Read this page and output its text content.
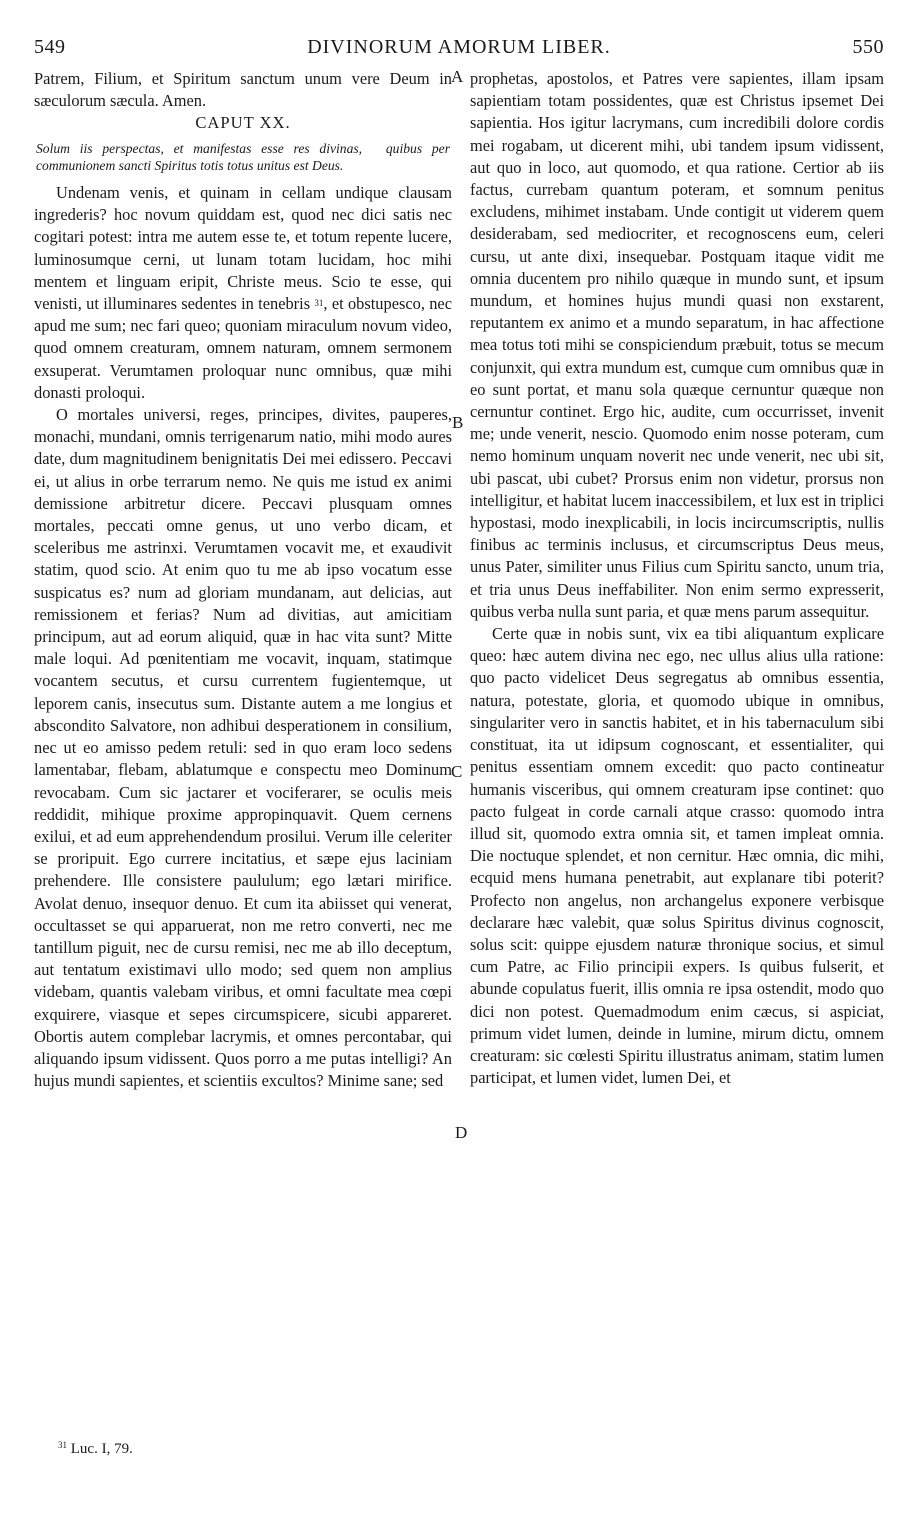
549	DIVINORUM AMORUM LIBER.	550

Patrem, Filium, et Spiritum sanctum unum vere Deum in sæculorum sæcula. Amen.

CAPUT XX.

Solum iis perspectas, et manifestas esse res divinas, quibus per communionem sancti Spiritus totis totus unitus est Deus.

Undenam venis, et quinam in cellam undique clausam ingrederis? hoc novum quiddam est, quod nec dici satis nec cogitari potest: intra me autem esse te, et totum repente lucere, luminosumque cerni, ut lunam totam lucidam, hoc mihi mentem et linguam eripit, Christe meus. Scio te esse, qui venisti, ut illuminares sedentes in tenebris $^{31}$, et obstupesco, nec apud me sum; nec fari queo; quoniam miraculum novum video, quod omnem creaturam, omnem naturam, omnem sermonem exsuperat. Verumtamen proloquar nunc omnibus, quæ mihi donasti proloqui.

O mortales universi, reges, principes, divites, pauperes, monachi, mundani, omnis terrigenarum natio, mihi modo aures date, dum magnitudinem benignitatis Dei mei edissero. Peccavi ei, ut alius in orbe terrarum nemo. Ne quis me istud ex animi demissione arbitretur dicere. Peccavi plusquam omnes mortales, peccati omne genus, ut uno verbo dicam, et sceleribus me astrinxi. Verumtamen vocavit me, et exaudivit statim, quod scio. At enim quo tu me ab ipso vocatum esse suspicatus es? num ad gloriam mundanam, aut delicias, aut remissionem et ferias? Num ad divitias, aut amicitiam principum, aut ad eorum aliquid, quæ in hac vita sunt? Mitte male loqui. Ad pœnitentiam me vocavit, inquam, statimque vocantem secutus, et cursu currentem fugientemque, ut leporem canis, insecutus sum. Distante autem a me longius et abscondito Salvatore, non adhibui desperationem in consilium, nec ut eo amisso pedem retuli: sed in quo eram loco sedens lamentabar, flebam, ablatumque e conspectu meo Dominum revocabam. Cum sic jactarer et vociferarer, se oculis meis reddidit, mihique proxime appropinquavit. Quem cernens exilui, et ad eum apprehendendum prosilui. Verum ille celeriter se proripuit. Ego currere incitatius, et sæpe ejus laciniam prehendere. Ille consistere paululum; ego lætari mirifice. Avolat denuo, insequor denuo. Et cum ita abiisset qui venerat, occultasset se qui apparuerat, non me retro converti, nec me tantillum piguit, nec de cursu remisi, nec me ab illo deceptum, aut tentatum existimavi ullo modo; sed quem non amplius videbam, quantis valebam viribus, et omni facultate mea cœpi exquirere, viasque et sepes circumspicere, sicubi appareret. Obortis autem complebar lacrymis, et omnes percontabar, qui aliquando ipsum vidissent. Quos porro a me putas intelligi? An hujus mundi sapientes, et scientiis excultos? Minime sane; sed

prophetas, apostolos, et Patres vere sapientes, illam ipsam sapientiam totam possidentes, quæ est Christus ipsemet Dei sapientia. Hos igitur lacrymans, cum incredibili dolore cordis mei rogabam, ut dicerent mihi, ubi tandem ipsum vidissent, aut quo in loco, aut quomodo, et qua ratione. Certior ab iis factus, currebam quantum poteram, et somnum penitus excludens, mihimet instabam. Unde contigit ut viderem quem desiderabam, sed mediocriter, et recognoscens eum, celeri cursu, ut ante dixi, insequebar. Postquam itaque vidit me omnia ducentem pro nihilo quæque in mundo sunt, et ipsum mundum, et homines hujus mundi quasi non exstarent, reputantem ex animo et a mundo separatum, in hac affectione mea totus toti mihi se conspiciendum præbuit, totus se mecum conjunxit, qui extra mundum est, cumque cum omnibus quæ in eo sunt portat, et manu sola quæque cernuntur quæque non cernuntur continet. Ergo hic, audite, cum occurrisset, invenit me; unde venerit, nescio. Quomodo enim nosse poteram, cum nemo hominum unquam noverit nec unde venerit, nec ubi sit, ubi pascat, ubi cubet? Prorsus enim non videtur, prorsus non intelligitur, et habitat lucem inaccessibilem, et lux est in triplici hypostasi, modo inexplicabili, in locis incircumscriptis, nullis finibus ac terminis inclusus, et circumscriptus Deus meus, unus Pater, similiter unus Filius cum Spiritu sancto, unum tria, et tria unus Deus ineffabiliter. Non enim sermo expresserit, quibus verba nulla sunt paria, et quæ mens parum assequitur.

Certe quæ in nobis sunt, vix ea tibi aliquantum explicare queo: hæc autem divina nec ego, nec ullus alius ulla ratione: quo pacto videlicet Deus segregatus ab omnibus essentia, natura, potestate, gloria, et quomodo ubique in omnibus, singulariter vero in sanctis habitet, et in his tabernaculum sibi constituat, ita ut idipsum cognoscant, et essentialiter, qui penitus essentiam omnem excedit: quo pacto contineatur humanis visceribus, qui omnem creaturam ipse continet: quo pacto fulgeat in corde carnali atque crasso: quomodo intra illud sit, quomodo extra omnia sit, et tamen impleat omnia. Die noctuque splendet, et non cernitur. Hæc omnia, dic mihi, ecquid mens humana penetrabit, aut explanare tibi poterit? Profecto non angelus, non archangelus exponere verbisque declarare hæc valebit, quæ solus Spiritus divinus cognoscit, solus scit: quippe ejusdem naturæ thronique socius, et simul cum Patre, ac Filio principii expers. Is quibus fulserit, et abunde copulatus fuerit, illis omnia re ipsa ostendit, modo quo dici non potest. Quemadmodum enim cæcus, si aspiciat, primum videt lumen, deinde in lumine, mirum dictu, omnem creaturam: sic cœlesti Spiritu illustratus animam, statim lumen participat, et lumen videt, lumen Dei, et

A
B
C
D
$^{31}$ Luc. I, 79.
